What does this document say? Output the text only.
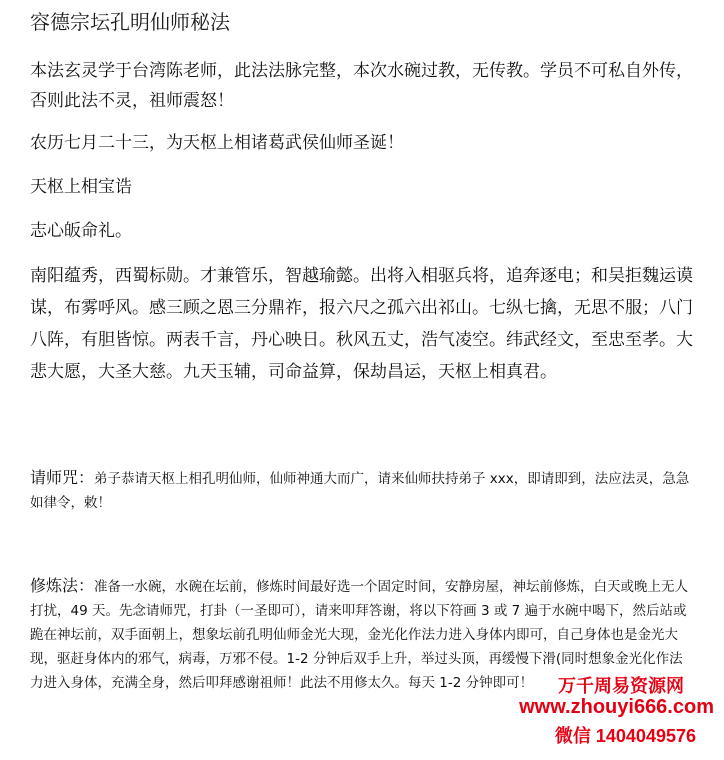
容德宗坛孔明仙师秘法

本法玄灵学于台湾陈老师，此法法脉完整，本次水碗过教，无传教。学员不可私自外传，否则此法不灵，祖师震怒！

农历七月二十三，为天枢上相诸葛武侯仙师圣诞！

天枢上相宝诰

志心皈命礼。

南阳蕴秀，西蜀标勋。才兼管乐，智越瑜懿。出将入相驱兵将，追奔逐电；和吴拒魏运谟谋，布雾呼风。感三顾之恩三分鼎祚，报六尺之孤六出祁山。七纵七擒，无思不服；八门八阵，有胆皆惊。两表千言，丹心映日。秋风五丈，浩气凌空。纬武经文，至忠至孝。大悲大愿，大圣大慈。九天玉辅，司命益算，保劫昌运，天枢上相真君。

请师咒：弟子恭请天枢上相孔明仙师，仙师神通大而广，请来仙师扶持弟子 xxx，即请即到，法应法灵，急急如律令，敕！
修炼法：准备一水碗，水碗在坛前，修炼时间最好选一个固定时间，安静房屋，神坛前修炼，白天或晚上无人打扰，49 天。先念请师咒，打卦（一圣即可），请来叩拜答谢，将以下符画 3 或 7 遍于水碗中喝下，然后站或跪在神坛前，双手面朝上，想象坛前孔明仙师金光大现，金光化作法力进入身体内即可，自己身体也是金光大现，驱赶身体内的邪气，病毒，万邪不侵。1-2 分钟后双手上升，举过头顶，再缓慢下滑(同时想象金光化作法力进入身体，充满全身，然后叩拜感谢祖师！此法不用修太久。每天 1-2 分钟即可！	万千周易资源网
www.zhouyi666.com
微信 1404049576
